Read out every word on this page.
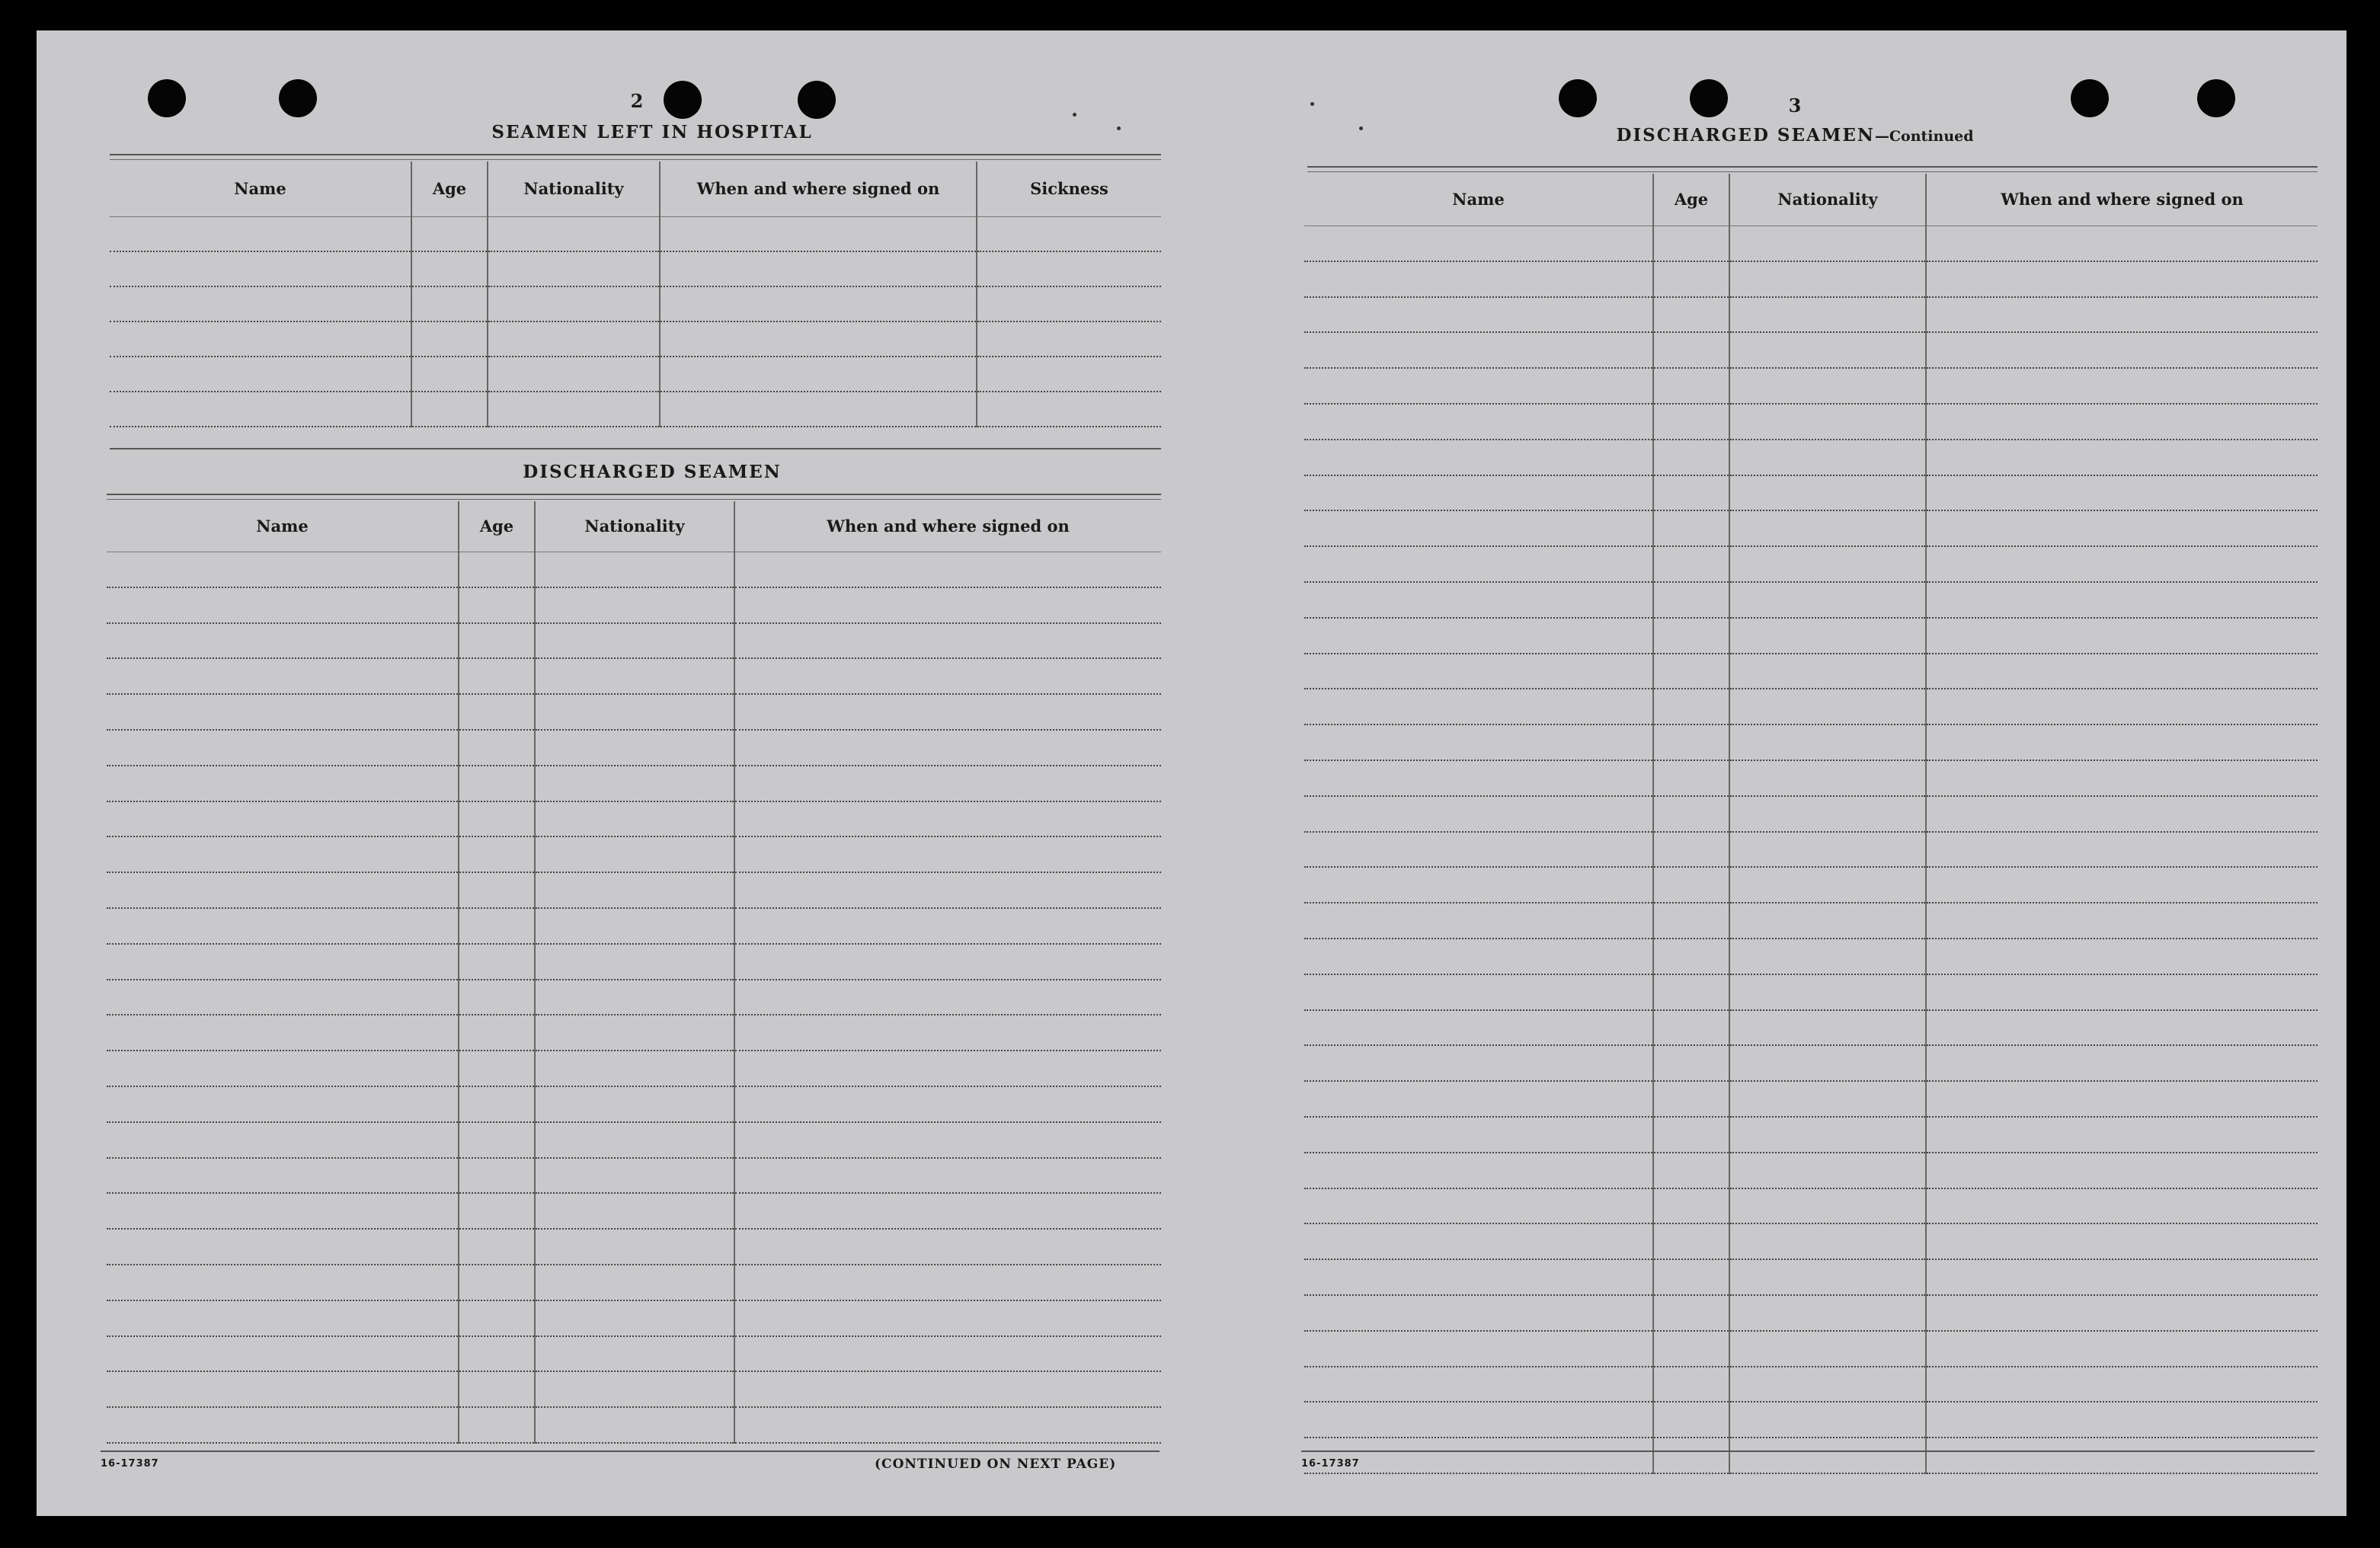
2
SEAMEN LEFT IN HOSPITAL
Name	Age	Nationality	When and where signed on	Sickness

DISCHARGED SEAMEN
Name	Age	Nationality	When and where signed on

16-17387	(CONTINUED ON NEXT PAGE)
3
DISCHARGED SEAMEN—Continued
Name	Age	Nationality	When and where signed on

16-17387
